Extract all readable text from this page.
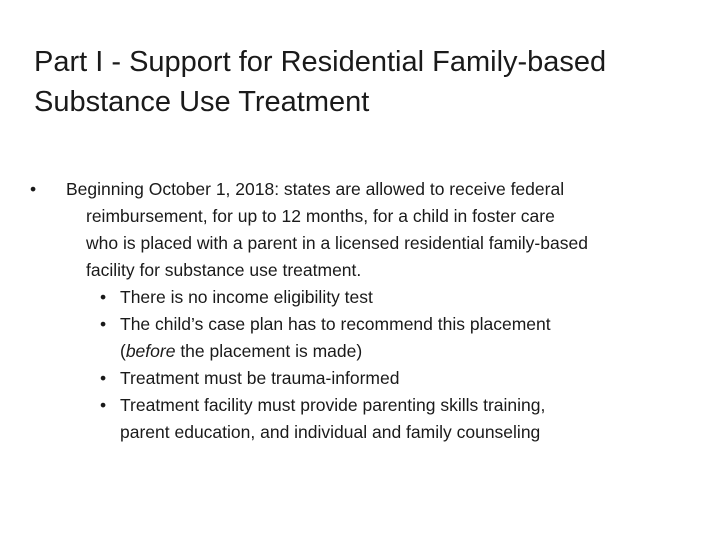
Part I - Support for Residential Family-based
Substance Use Treatment
• Beginning October 1, 2018: states are allowed to receive federal
reimbursement, for up to 12 months, for a child in foster care
who is placed with a parent in a licensed residential family-based
facility for substance use treatment.
• There is no income eligibility test
• The child’s case plan has to recommend this placement
(before the placement is made)
• Treatment must be trauma-informed
• Treatment facility must provide parenting skills training,
parent education, and individual and family counseling
